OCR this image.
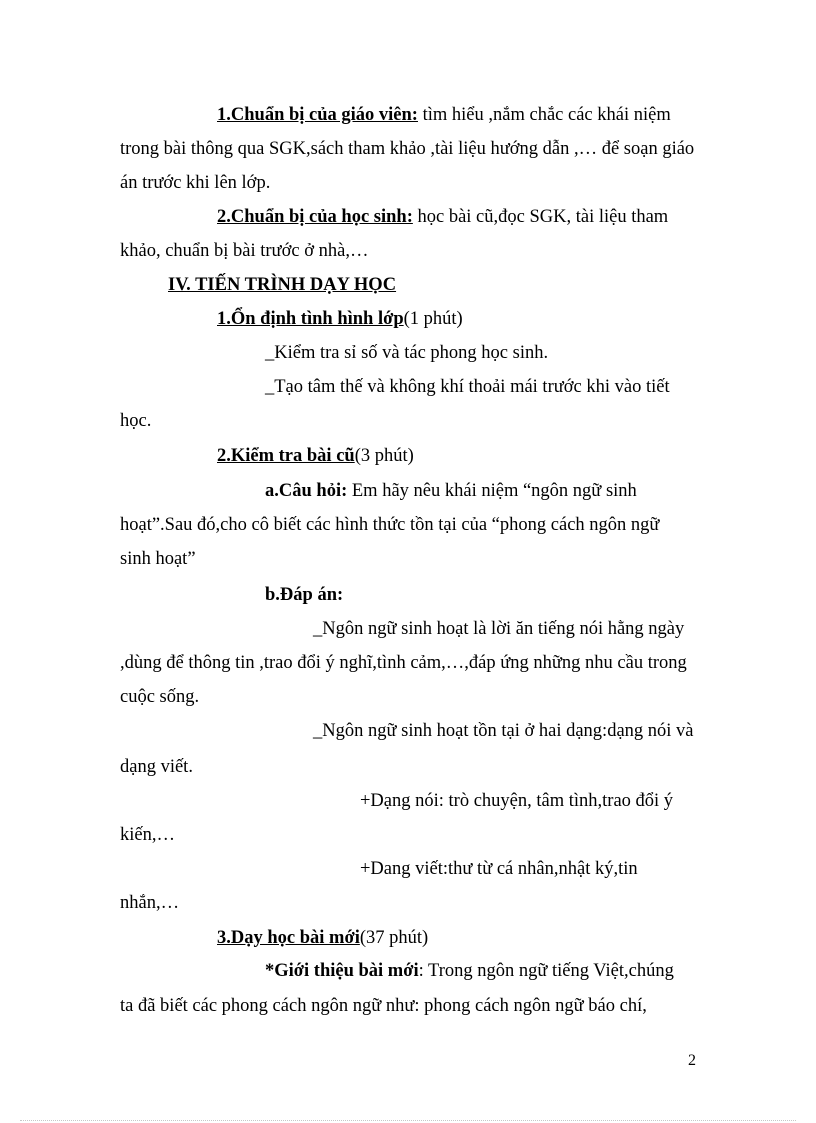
1.Chuẩn bị của giáo viên: tìm hiểu ,nắm chắc các khái niệm
trong bài thông qua SGK,sách tham khảo ,tài liệu hướng dẫn ,… để soạn giáo
án trước khi lên lớp.
2.Chuẩn bị của học sinh: học bài cũ,đọc SGK, tài liệu tham
khảo, chuẩn bị bài trước ở nhà,…
IV. TIẾN TRÌNH DẠY HỌC
1.Ổn định tình hình lớp(1 phút)
_Kiểm tra sỉ số và tác phong học sinh.
_Tạo tâm thế và không khí thoải mái trước khi vào tiết
học.
2.Kiểm tra bài cũ(3 phút)
a.Câu hỏi: Em hãy nêu khái niệm “ngôn ngữ sinh
hoạt”.Sau đó,cho cô biết các hình thức tồn tại của “phong cách ngôn ngữ
sinh hoạt”
b.Đáp án:
_Ngôn ngữ sinh hoạt là lời ăn tiếng nói hằng ngày
,dùng để thông tin ,trao đổi ý nghĩ,tình cảm,…,đáp ứng những nhu cầu trong
cuộc sống.
_Ngôn ngữ sinh hoạt tồn tại ở hai dạng:dạng nói và
dạng viết.
+Dạng nói: trò chuyện, tâm tình,trao đổi ý
kiến,…
+Dang viết:thư từ cá nhân,nhật ký,tin
nhắn,…
3.Dạy học bài mới(37 phút)
*Giới thiệu bài mới: Trong ngôn ngữ tiếng Việt,chúng
ta đã biết các phong cách ngôn ngữ như: phong cách ngôn ngữ báo chí,
2
